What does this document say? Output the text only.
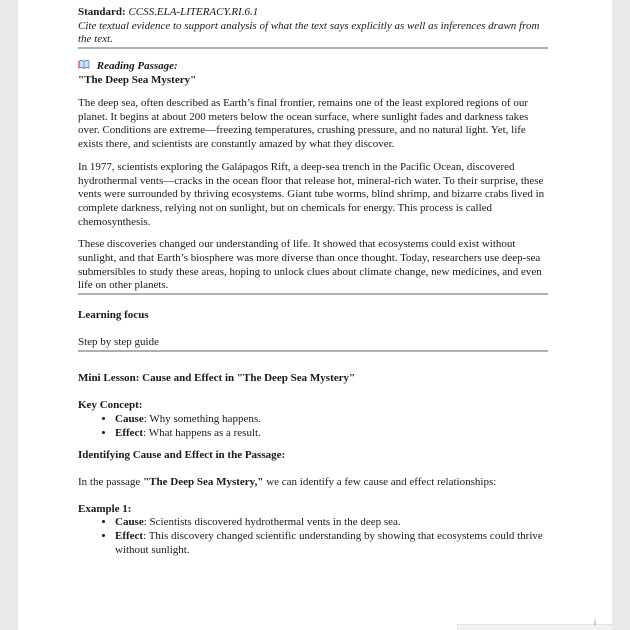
Standard: CCSS.ELA-LITERACY.RI.6.1
Cite textual evidence to support analysis of what the text says explicitly as well as inferences drawn from the text.

Reading Passage:
"The Deep Sea Mystery"

The deep sea, often described as Earth’s final frontier, remains one of the least explored regions of our planet. It begins at about 200 meters below the ocean surface, where sunlight fades and darkness takes over. Conditions are extreme—freezing temperatures, crushing pressure, and no natural light. Yet, life exists there, and scientists are constantly amazed by what they discover.

In 1977, scientists exploring the Galápagos Rift, a deep-sea trench in the Pacific Ocean, discovered hydrothermal vents—cracks in the ocean floor that release hot, mineral-rich water. To their surprise, these vents were surrounded by thriving ecosystems. Giant tube worms, blind shrimp, and bizarre crabs lived in complete darkness, relying not on sunlight, but on chemicals for energy. This process is called chemosynthesis.

These discoveries changed our understanding of life. It showed that ecosystems could exist without sunlight, and that Earth’s biosphere was more diverse than once thought. Today, researchers use deep-sea submersibles to study these areas, hoping to unlock clues about climate change, new medicines, and even life on other planets.

Learning focus

Step by step guide

Mini Lesson: Cause and Effect in "The Deep Sea Mystery"

Key Concept:

• Cause: Why something happens.
• Effect: What happens as a result.

Identifying Cause and Effect in the Passage:

In the passage "The Deep Sea Mystery," we can identify a few cause and effect relationships:

Example 1:

• Cause: Scientists discovered hydrothermal vents in the deep sea.
• Effect: This discovery changed scientific understanding by showing that ecosystems could thrive without sunlight.
i
